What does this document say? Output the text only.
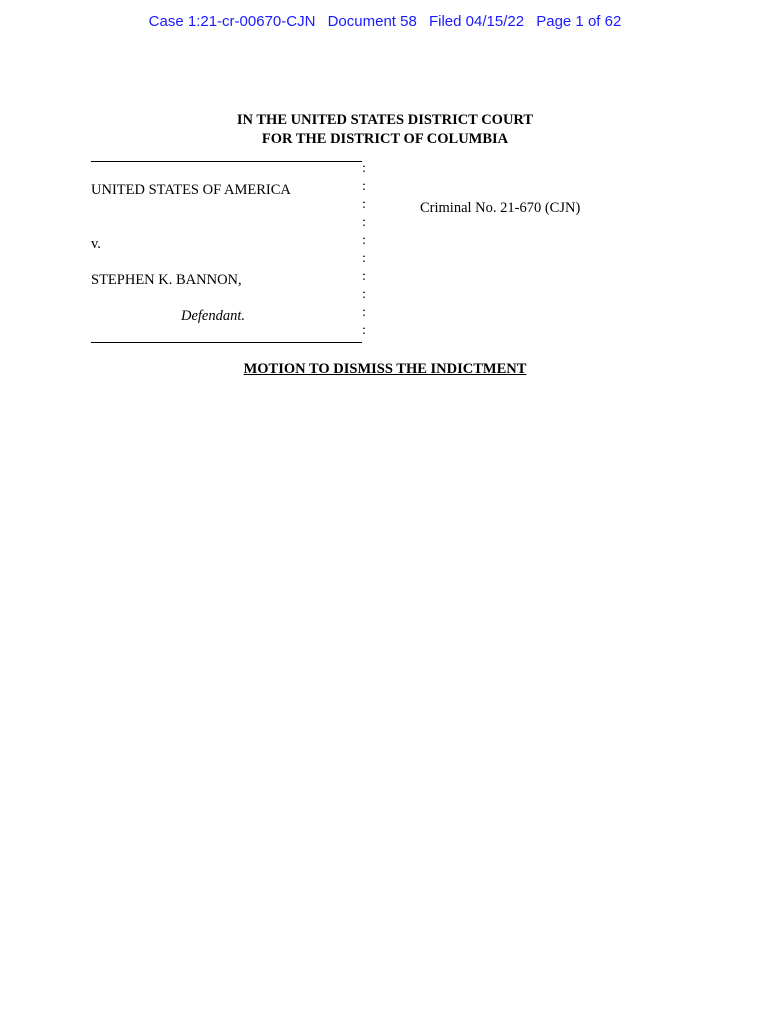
Case 1:21-cr-00670-CJN Document 58 Filed 04/15/22 Page 1 of 62
IN THE UNITED STATES DISTRICT COURT
FOR THE DISTRICT OF COLUMBIA
:
:
:
:
:
:
:
:
:
:
UNITED STATES OF AMERICA
v.
STEPHEN K. BANNON,
Defendant.
Criminal No. 21-670 (CJN)
MOTION TO DISMISS THE INDICTMENT
